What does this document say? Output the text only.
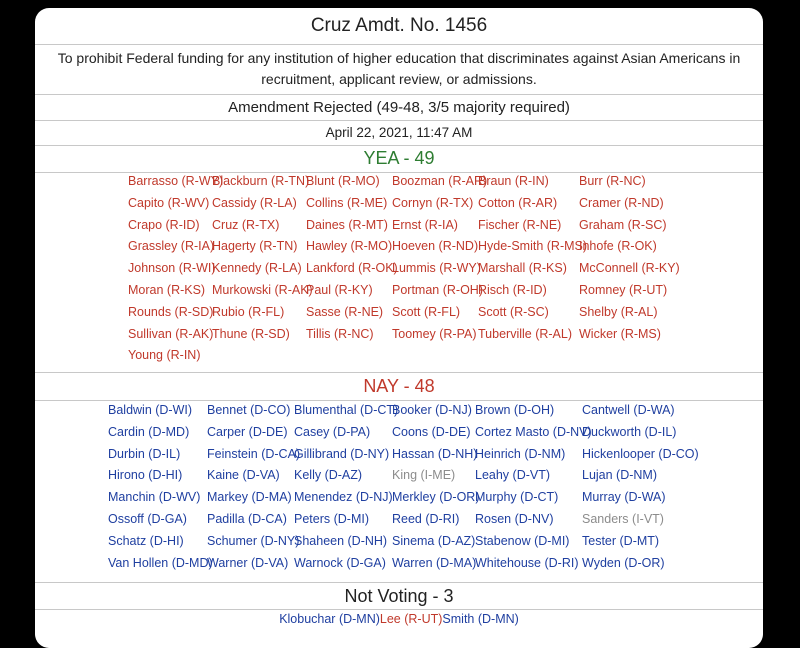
Cruz Amdt. No. 1456
To prohibit Federal funding for any institution of higher education that discriminates against Asian Americans in recruitment, applicant review, or admissions.
Amendment Rejected (49-48, 3/5 majority required)
April 22, 2021, 11:47 AM
YEA - 49
Barrasso (R-WY)
Blackburn (R-TN)
Blunt (R-MO) Boozman (R-AR)
Braun (R-IN) Burr (R-NC)
Capito (R-WV) Cassidy (R-LA) Collins (R-ME) Cornyn (R-TX) Cotton (R-AR) Cramer (R-ND)
Crapo (R-ID) Cruz (R-TX) Daines (R-MT) Ernst (R-IA) Fischer (R-NE) Graham (R-SC)
Grassley (R-IA)
Hagerty (R-TN) Hawley (R-MO) Hoeven (R-ND) Hyde-Smith (R-MS)
Inhofe (R-OK)
Johnson (R-WI)
Kennedy (R-LA) Lankford (R-OK)
Lummis (R-WY)
Marshall (R-KS) McConnell (R-KY)
Moran (R-KS) Murkowski (R-AK)
Paul (R-KY) Portman (R-OH)
Risch (R-ID)	Romney (R-UT)
Rounds (R-SD)
Rubio (R-FL) Sasse (R-NE) Scott (R-FL) Scott (R-SC) Shelby (R-AL)
Sullivan (R-AK)
Thune (R-SD) Tillis (R-NC) Toomey (R-PA) Tuberville (R-AL) Wicker (R-MS)
Young (R-IN)
NAY - 48
Baldwin (D-WI) Bennet (D-CO) Blumenthal (D-CT)
Booker (D-NJ) Brown (D-OH) Cantwell (D-WA)
Cardin (D-MD) Carper (D-DE) Casey (D-PA) Coons (D-DE) Cortez Masto (D-NV)
Duckworth (D-IL)
Durbin (D-IL) Feinstein (D-CA)
Gillibrand (D-NY) Hassan (D-NH)
Heinrich (D-NM) Hickenlooper (D-CO)
Hirono (D-HI) Kaine (D-VA) Kelly (D-AZ) King (I-ME) Leahy (D-VT)	Lujan (D-NM)
Manchin (D-WV) Markey (D-MA) Menendez (D-NJ) Merkley (D-OR)
Murphy (D-CT) Murray (D-WA)
Ossoff (D-GA) Padilla (D-CA) Peters (D-MI) Reed (D-RI) Rosen (D-NV) Sanders (I-VT)
Schatz (D-HI) Schumer (D-NY)
Shaheen (D-NH) Sinema (D-AZ) Stabenow (D-MI) Tester (D-MT)
Van Hollen (D-MD)
Warner (D-VA) Warnock (D-GA) Warren (D-MA)
Whitehouse (D-RI) Wyden (D-OR)
Not Voting - 3
Klobuchar (D-MN)Lee (R-UT)Smith (D-MN)
